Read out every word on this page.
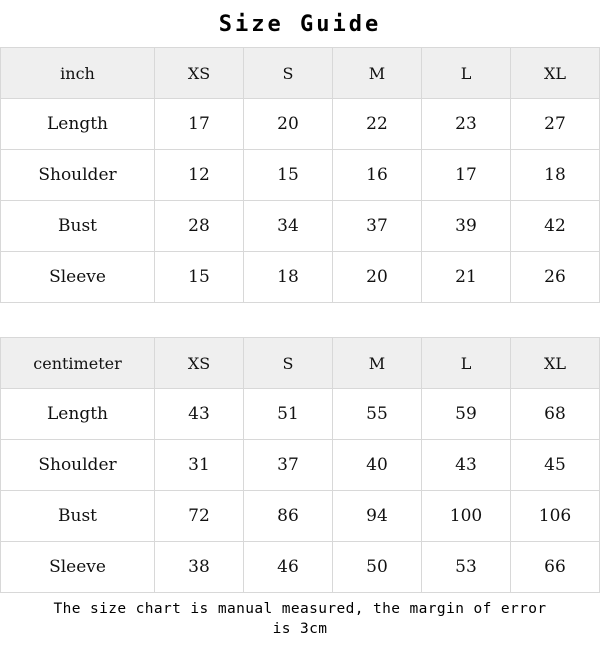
Size Guide
inch	XS	S	M	L	XL
Length	17	20	22	23	27
Shoulder	12	15	16	17	18
Bust	28	34	37	39	42
Sleeve	15	18	20	21	26
centimeter	XS	S	M	L	XL
Length	43	51	55	59	68
Shoulder	31	37	40	43	45
Bust	72	86	94	100	106
Sleeve	38	46	50	53	66
The size chart is manual measured, the margin of error
is 3cm
